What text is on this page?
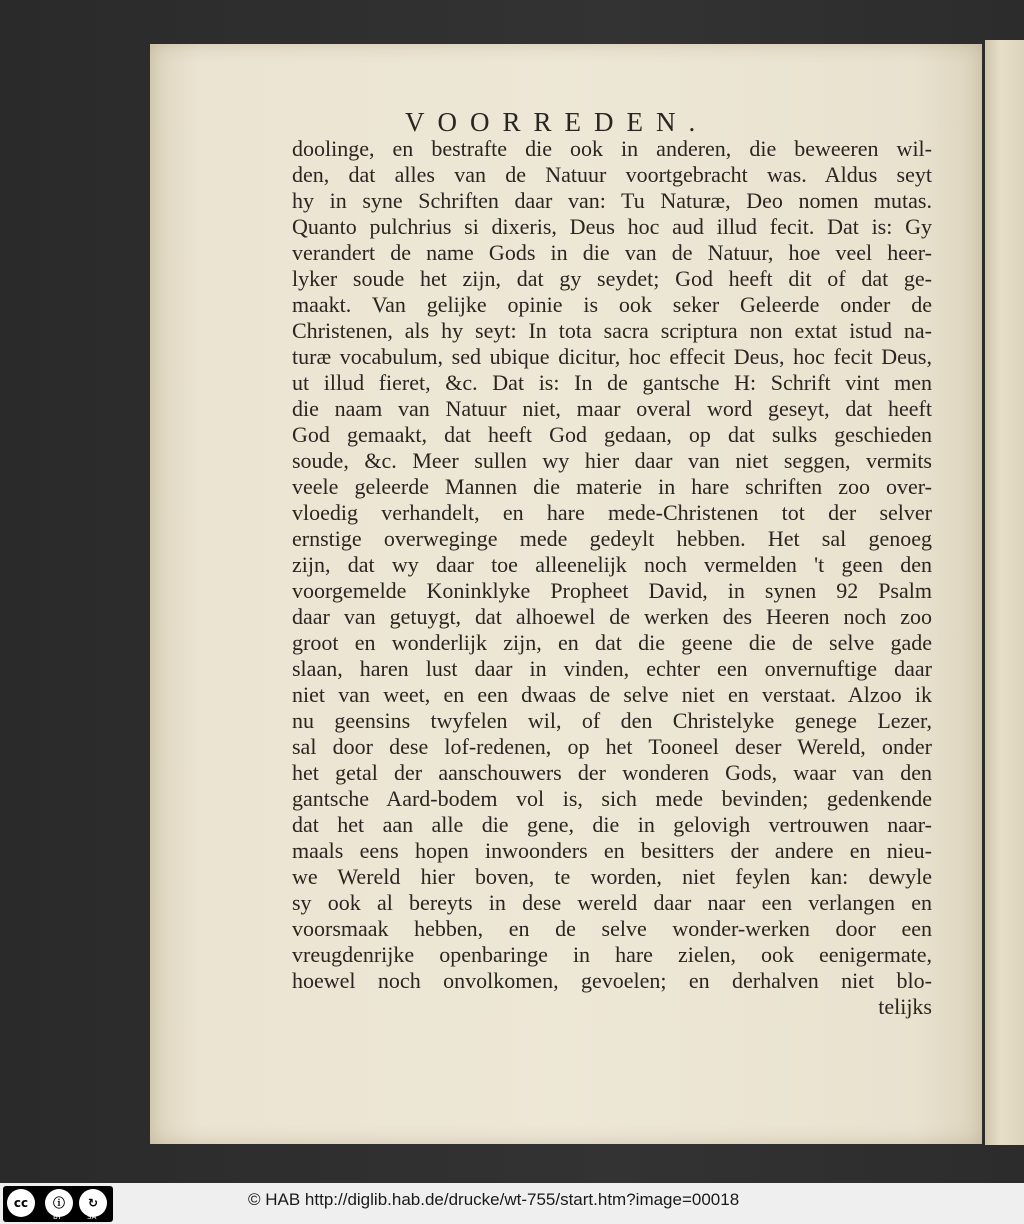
VOORREDEN.
doolinge, en bestrafte die ook in anderen, die beweeren wil-
den, dat alles van de Natuur voortgebracht was. Aldus seyt
hy in syne Schriften daar van: Tu Naturæ, Deo nomen mutas.
Quanto pulchrius si dixeris, Deus hoc aud illud fecit. Dat is: Gy
verandert de name Gods in die van de Natuur, hoe veel heer-
lyker soude het zijn, dat gy seydet; God heeft dit of dat ge-
maakt. Van gelijke opinie is ook seker Geleerde onder de
Christenen, als hy seyt: In tota sacra scriptura non extat istud na-
turæ vocabulum, sed ubique dicitur, hoc effecit Deus, hoc fecit Deus,
ut illud fieret, &c. Dat is: In de gantsche H: Schrift vint men
die naam van Natuur niet, maar overal word geseyt, dat heeft
God gemaakt, dat heeft God gedaan, op dat sulks geschieden
soude, &c. Meer sullen wy hier daar van niet seggen, vermits
veele geleerde Mannen die materie in hare schriften zoo over-
vloedig verhandelt, en hare mede-Christenen tot der selver
ernstige overweginge mede gedeylt hebben. Het sal genoeg
zijn, dat wy daar toe alleenelijk noch vermelden 't geen den
voorgemelde Koninklyke Propheet David, in synen 92 Psalm
daar van getuygt, dat alhoewel de werken des Heeren noch zoo
groot en wonderlijk zijn, en dat die geene die de selve gade
slaan, haren lust daar in vinden, echter een onvernuftige daar
niet van weet, en een dwaas de selve niet en verstaat. Alzoo ik
nu geensins twyfelen wil, of den Christelyke genege Lezer,
sal door dese lof-redenen, op het Tooneel deser Wereld, onder
het getal der aanschouwers der wonderen Gods, waar van den
gantsche Aard-bodem vol is, sich mede bevinden; gedenkende
dat het aan alle die gene, die in gelovigh vertrouwen naar-
maals eens hopen inwoonders en besitters der andere en nieu-
we Wereld hier boven, te worden, niet feylen kan: dewyle
sy ook al bereyts in dese wereld daar naar een verlangen en
voorsmaak hebben, en de selve wonder-werken door een
vreugdenrijke openbaringe in hare zielen, ook eenigermate,
hoewel noch onvolkomen, gevoelen; en derhalven niet blo-
telijks
cc	ⓘ	↻
BY	SA
© HAB http://diglib.hab.de/drucke/wt-755/start.htm?image=00018
